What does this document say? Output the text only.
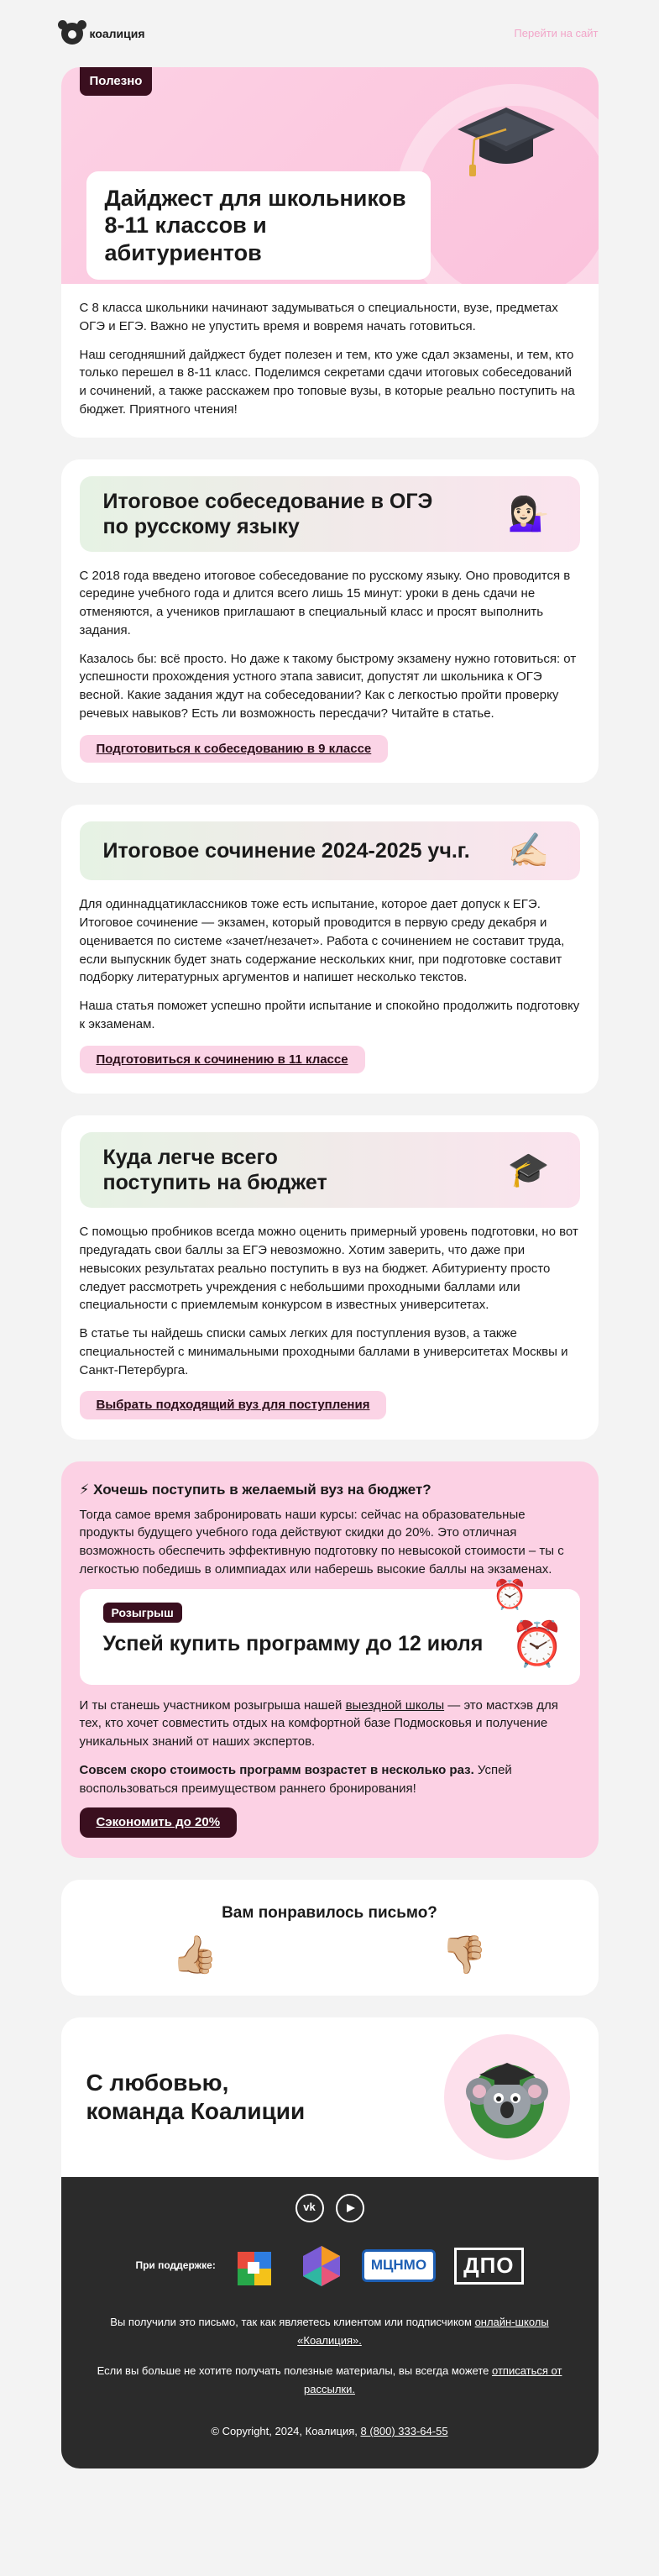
коалиция	Перейти на сайт
Полезно
Дайджест для школьников 8-11 классов и абитуриентов

С 8 класса школьники начинают задумываться о специальности, вузе, предметах ОГЭ и ЕГЭ. Важно не упустить время и вовремя начать готовиться.

Наш сегодняшний дайджест будет полезен и тем, кто уже сдал экзамены, и тем, кто только перешел в 8-11 класс. Поделимся секретами сдачи итоговых собеседований и сочинений, а также расскажем про топовые вузы, в которые реально поступить на бюджет. Приятного чтения!

Итоговое собеседование в ОГЭ по русскому языку	💁🏻‍♀️

С 2018 года введено итоговое собеседование по русскому языку. Оно проводится в середине учебного года и длится всего лишь 15 минут: уроки в день сдачи не отменяются, а учеников приглашают в специальный класс и просят выполнить задания.

Казалось бы: всё просто. Но даже к такому быстрому экзамену нужно готовиться: от успешности прохождения устного этапа зависит, допустят ли школьника к ОГЭ весной. Какие задания ждут на собеседовании? Как с легкостью пройти проверку речевых навыков? Есть ли возможность пересдачи? Читайте в статье.

Подготовиться к собеседованию в 9 классе
Итоговое сочинение 2024-2025 уч.г. ✍🏻

Для одиннадцатиклассников тоже есть испытание, которое дает допуск к ЕГЭ. Итоговое сочинение — экзамен, который проводится в первую среду декабря и оценивается по системе «зачет/незачет». Работа с сочинением не составит труда, если выпускник будет знать содержание нескольких книг, при подготовке составит подборку литературных аргументов и напишет несколько текстов.

Наша статья поможет успешно пройти испытание и спокойно продолжить подготовку к экзаменам.

Подготовиться к сочинению в 11 классе
Куда легче всего поступить на бюджет	🎓

С помощью пробников всегда можно оценить примерный уровень подготовки, но вот предугадать свои баллы за ЕГЭ невозможно. Хотим заверить, что даже при невысоких результатах реально поступить в вуз на бюджет. Абитуриенту просто следует рассмотреть учреждения с небольшими проходными баллами или специальности с приемлемым конкурсом в известных университетах.

В статье ты найдешь списки самых легких для поступления вузов, а также специальностей с минимальными проходными баллами в университетах Москвы и Санкт-Петербурга.

Выбрать подходящий вуз для поступления
⚡ Хочешь поступить в желаемый вуз на бюджет?

Тогда самое время забронировать наши курсы: сейчас на образовательные продукты будущего учебного года действуют скидки до 20%. Это отличная возможность обеспечить эффективную подготовку по невысокой стоимости – ты с легкостью победишь в олимпиадах или наберешь высокие баллы на экзаменах.

Розыгрыш
Успей купить программу до 12 июля
⏰
⏰

И ты станешь участником розыгрыша нашей выездной школы — это мастхэв для тех, кто хочет совместить отдых на комфортной базе Подмосковья и получение уникальных знаний от наших экспертов.

Совсем скоро стоимость программ возрастет в несколько раз. Успей воспользоваться преимуществом раннего бронирования!

Сэкономить до 20%
Вам понравилось письмо?
👍🏼	👎🏼
С любовью,
команда Коалиции
vk
При поддержке:	МЦНМО	ДПО

Вы получили это письмо, так как являетесь клиентом или подписчиком онлайн-школы «Коалиция».

Если вы больше не хотите получать полезные материалы, вы всегда можете отписаться от рассылки.

© Copyright, 2024, Коалиция, 8 (800) 333-64-55
